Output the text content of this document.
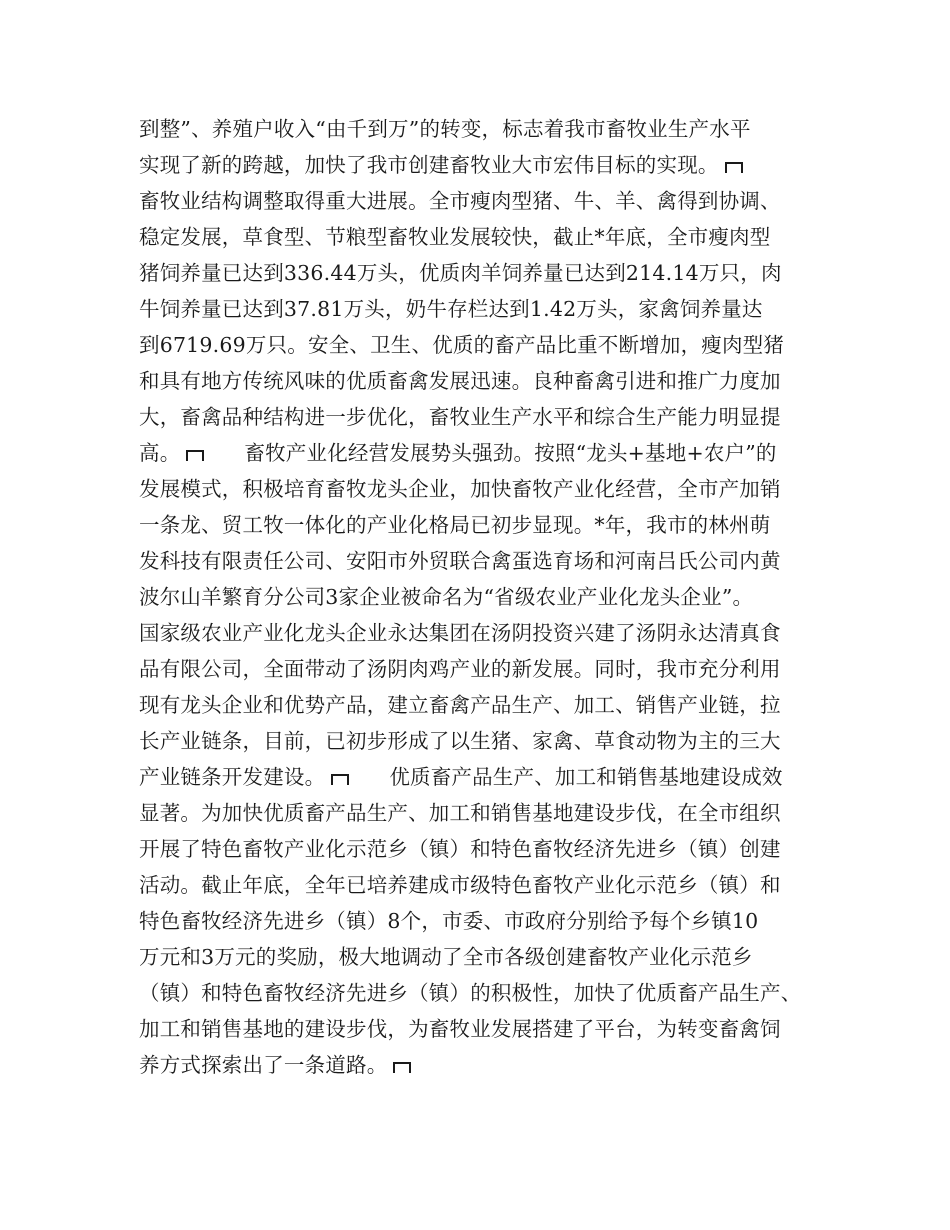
到整”、养殖户收入“由千到万”的转变，标志着我市畜牧业生产水平
实现了新的跨越，加快了我市创建畜牧业大市宏伟目标的实现。
畜牧业结构调整取得重大进展。全市瘦肉型猪、牛、羊、禽得到协调、
稳定发展，草食型、节粮型畜牧业发展较快，截止*年底，全市瘦肉型
猪饲养量已达到336.44万头，优质肉羊饲养量已达到214.14万只，肉
牛饲养量已达到37.81万头，奶牛存栏达到1.42万头，家禽饲养量达
到6719.69万只。安全、卫生、优质的畜产品比重不断增加，瘦肉型猪
和具有地方传统风味的优质畜禽发展迅速。良种畜禽引进和推广力度加
大，畜禽品种结构进一步优化，畜牧业生产水平和综合生产能力明显提
高。	畜牧产业化经营发展势头强劲。按照“龙头+基地+农户”的
发展模式，积极培育畜牧龙头企业，加快畜牧产业化经营，全市产加销
一条龙、贸工牧一体化的产业化格局已初步显现。*年，我市的林州萌
发科技有限责任公司、安阳市外贸联合禽蛋选育场和河南吕氏公司内黄
波尔山羊繁育分公司3家企业被命名为“省级农业产业化龙头企业”。
国家级农业产业化龙头企业永达集团在汤阴投资兴建了汤阴永达清真食
品有限公司，全面带动了汤阴肉鸡产业的新发展。同时，我市充分利用
现有龙头企业和优势产品，建立畜禽产品生产、加工、销售产业链，拉
长产业链条，目前，已初步形成了以生猪、家禽、草食动物为主的三大
产业链条开发建设。	优质畜产品生产、加工和销售基地建设成效
显著。为加快优质畜产品生产、加工和销售基地建设步伐，在全市组织
开展了特色畜牧产业化示范乡（镇）和特色畜牧经济先进乡（镇）创建
活动。截止年底，全年已培养建成市级特色畜牧产业化示范乡（镇）和
特色畜牧经济先进乡（镇）8个，市委、市政府分别给予每个乡镇10
万元和3万元的奖励，极大地调动了全市各级创建畜牧产业化示范乡
（镇）和特色畜牧经济先进乡（镇）的积极性，加快了优质畜产品生产、
加工和销售基地的建设步伐，为畜牧业发展搭建了平台，为转变畜禽饲
养方式探索出了一条道路。
